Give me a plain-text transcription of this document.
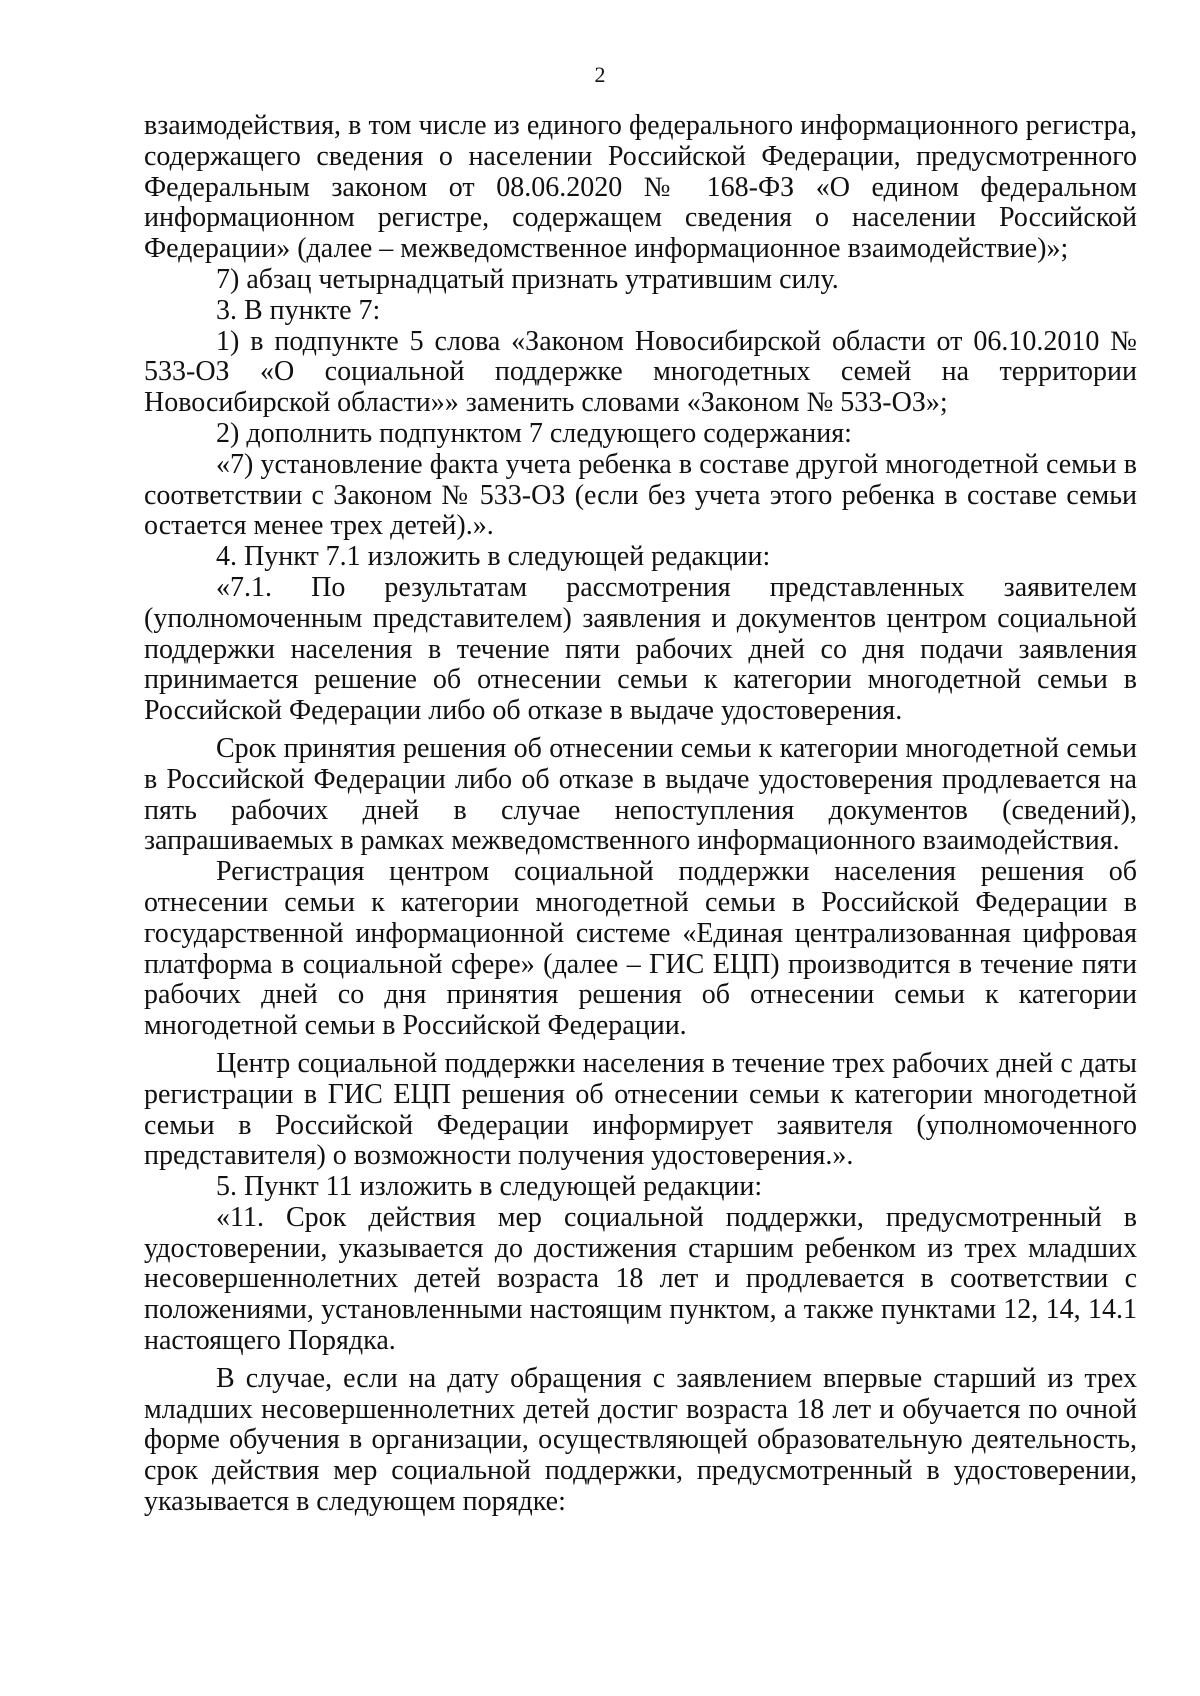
2

взаимодействия, в том числе из единого федерального информационного регистра, содержащего сведения о населении Российской Федерации, предусмотренного Федеральным законом от 08.06.2020 № 168-ФЗ «О едином федеральном информационном регистре, содержащем сведения о населении Российской Федерации» (далее – межведомственное информационное взаимодействие)»;

7) абзац четырнадцатый признать утратившим силу.

3. В пункте 7:

1) в подпункте 5 слова «Законом Новосибирской области от 06.10.2010 № 533-ОЗ «О социальной поддержке многодетных семей на территории Новосибирской области»» заменить словами «Законом № 533-ОЗ»;

2) дополнить подпунктом 7 следующего содержания:

«7) установление факта учета ребенка в составе другой многодетной семьи в соответствии с Законом № 533-ОЗ (если без учета этого ребенка в составе семьи остается менее трех детей).».

4. Пункт 7.1 изложить в следующей редакции:

«7.1. По результатам рассмотрения представленных заявителем (уполномоченным представителем) заявления и документов центром социальной поддержки населения в течение пяти рабочих дней со дня подачи заявления принимается решение об отнесении семьи к категории многодетной семьи в Российской Федерации либо об отказе в выдаче удостоверения.

Срок принятия решения об отнесении семьи к категории многодетной семьи в Российской Федерации либо об отказе в выдаче удостоверения продлевается на пять рабочих дней в случае непоступления документов (сведений), запрашиваемых в рамках межведомственного информационного взаимодействия.

Регистрация центром социальной поддержки населения решения об отнесении семьи к категории многодетной семьи в Российской Федерации в государственной информационной системе «Единая централизованная цифровая платформа в социальной сфере» (далее – ГИС ЕЦП) производится в течение пяти рабочих дней со дня принятия решения об отнесении семьи к категории многодетной семьи в Российской Федерации.

Центр социальной поддержки населения в течение трех рабочих дней с даты регистрации в ГИС ЕЦП решения об отнесении семьи к категории многодетной семьи в Российской Федерации информирует заявителя (уполномоченного представителя) о возможности получения удостоверения.».

5. Пункт 11 изложить в следующей редакции:

«11. Срок действия мер социальной поддержки, предусмотренный в удостоверении, указывается до достижения старшим ребенком из трех младших несовершеннолетних детей возраста 18 лет и продлевается в соответствии с положениями, установленными настоящим пунктом, а также пунктами 12, 14, 14.1 настоящего Порядка.

В случае, если на дату обращения с заявлением впервые старший из трех младших несовершеннолетних детей достиг возраста 18 лет и обучается по очной форме обучения в организации, осуществляющей образовательную деятельность, срок действия мер социальной поддержки, предусмотренный в удостоверении, указывается в следующем порядке:
